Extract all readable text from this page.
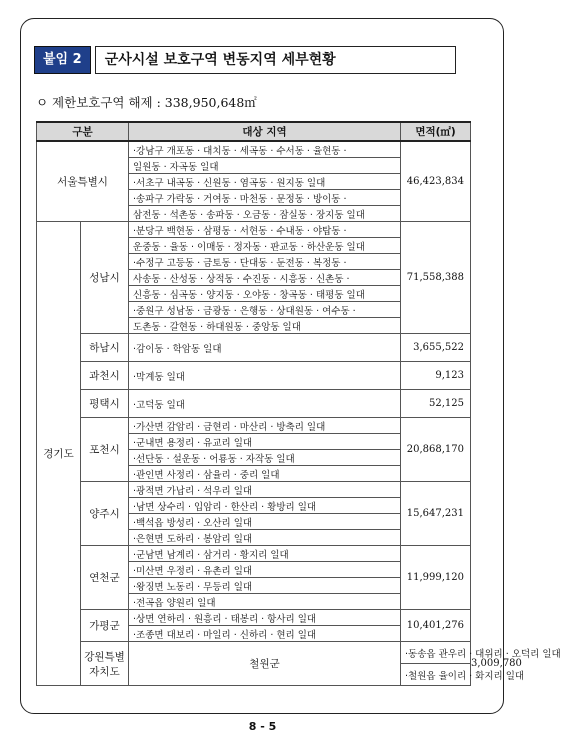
붙임 2	군사시설 보호구역 변동지역 세부현황
ㅇ 제한보호구역 해제 : 338,950,648㎡
구분		대상 지역	면적(㎡)	
서울특별시		·강남구 개포동 · 대치동 · 세곡동 · 수서동 · 율현동 ·	46,423,834	
		일원동 · 자곡동 일대		
		·서초구 내곡동 · 신원동 · 염곡동 · 원지동 일대		
		·송파구 가락동 · 거여동 · 마천동 · 문정동 · 방이동 ·		
		삼전동 · 석촌동 · 송파동 · 오금동 · 잠실동 · 장지동 일대		
경기도	성남시	·분당구 백현동 · 삼평동 · 서현동 · 수내동 · 야탑동 ·	71,558,388	
		운중동 · 율동 · 이매동 · 정자동 · 판교동 · 하산운동 일대		
		·수정구 고등동 · 금토동 · 단대동 · 둔전동 · 복정동 ·		
		사송동 · 산성동 · 상적동 · 수진동 · 시흥동 · 신촌동 ·		
		신흥동 · 심곡동 · 양지동 · 오야동 · 창곡동 · 태평동 일대		
		·중원구 성남동 · 금광동 · 은행동 · 상대원동 · 여수동 ·		
		도촌동 · 갈현동 · 하대원동 · 중앙동 일대		
	하남시	·감이동 · 학암동 일대	3,655,522	
	과천시	·막계동 일대	9,123	
	평택시	·고덕동 일대	52,125	
	포천시	·가산면 감암리 · 금현리 · 마산리 · 방축리 일대	20,868,170	
		·군내면 용정리 · 유교리 일대		
		·선단동 · 설운동 · 어룡동 · 자작동 일대		
		·관인면 사정리 · 삼율리 · 중리 일대		
	양주시	·광적면 가납리 · 석우리 일대	15,647,231	
		·남면 상수리 · 입암리 · 한산리 · 황방리 일대		
		·백석읍 방성리 · 오산리 일대		
		·은현면 도하리 · 봉암리 일대		
	연천군	·군남면 남계리 · 삼거리 · 황지리 일대	11,999,120	
		·미산면 우정리 · 유촌리 일대		
		·왕징면 노동리 · 무등리 일대		
		·전곡읍 양원리 일대		
	가평군	·상면 연하리 · 원흥리 · 태봉리 · 항사리 일대	10,401,276	
		·조종면 대보리 · 마일리 · 신하리 · 현리 일대		
	강원특별
자치도	철원군	·동송읍 관우리 · 대위리 · 오덕리 일대	3,009,780
			·철원읍 율이리 · 화지리 일대	
8 - 5
